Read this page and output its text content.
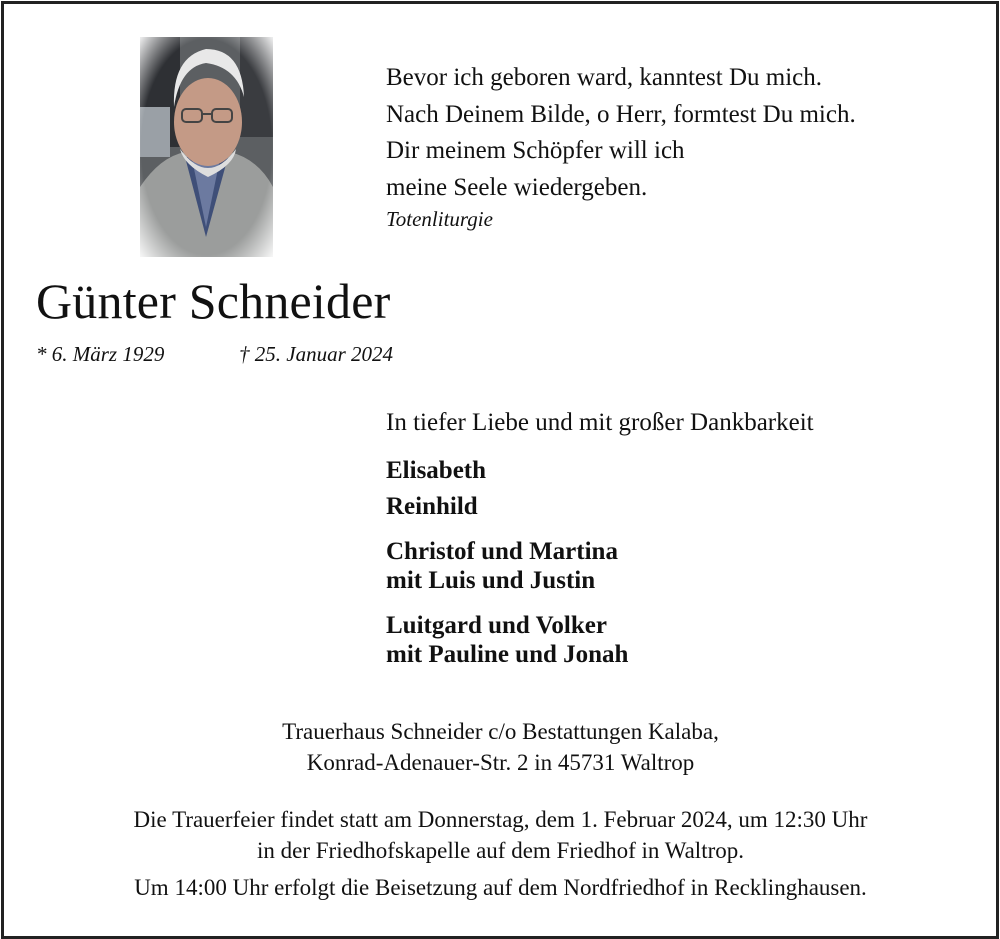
Bevor ich geboren ward, kanntest Du mich.
Nach Deinem Bilde, o Herr, formtest Du mich.
Dir meinem Schöpfer will ich
meine Seele wiedergeben.
Totenliturgie
Günter Schneider
* 6. März 1929	† 25. Januar 2024
In tiefer Liebe und mit großer Dankbarkeit
Elisabeth
Reinhild
Christof und Martina
mit Luis und Justin
Luitgard und Volker
mit Pauline und Jonah
Trauerhaus Schneider c/o Bestattungen Kalaba,
Konrad-Adenauer-Str. 2 in 45731 Waltrop
Die Trauerfeier findet statt am Donnerstag, dem 1. Februar 2024, um 12:30 Uhr
in der Friedhofskapelle auf dem Friedhof in Waltrop.
Um 14:00 Uhr erfolgt die Beisetzung auf dem Nordfriedhof in Recklinghausen.
